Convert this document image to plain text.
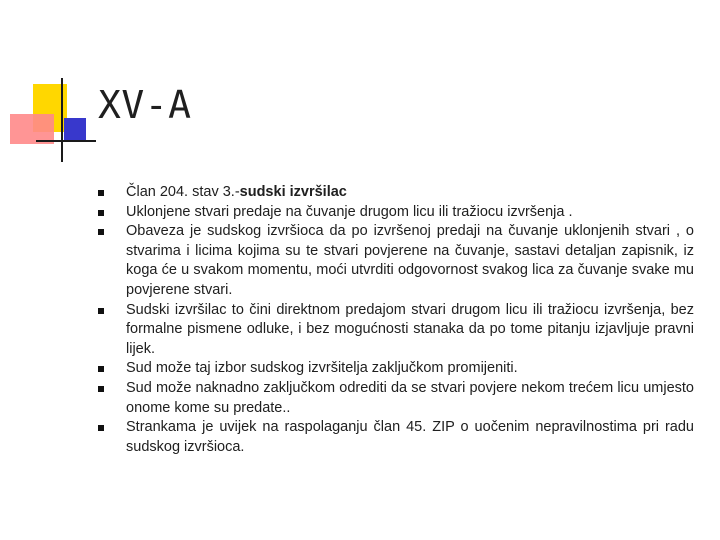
XV-A
Član 204. stav 3.-sudski izvršilac
Uklonjene stvari predaje na čuvanje drugom licu ili tražiocu izvršenja .
Obaveza je sudskog izvršioca da po izvršenoj predaji na čuvanje uklonjenih stvari , o stvarima i licima kojima su te stvari povjerene na čuvanje, sastavi detaljan zapisnik, iz koga će u svakom momentu, moći utvrditi odgovornost svakog lica za čuvanje svake mu povjerene stvari.
Sudski izvršilac to čini direktnom predajom stvari drugom licu ili tražiocu izvršenja, bez formalne pismene odluke, i bez mogućnosti stanaka da po tome pitanju izjavljuje pravni lijek.
Sud može taj izbor sudskog izvršitelja zaključkom promijeniti.
Sud može naknadno zaključkom odrediti da se stvari povjere nekom trećem licu umjesto onome kome su predate..
Strankama je uvijek na raspolaganju član 45. ZIP o uočenim nepravilnostima pri radu sudskog izvršioca.
